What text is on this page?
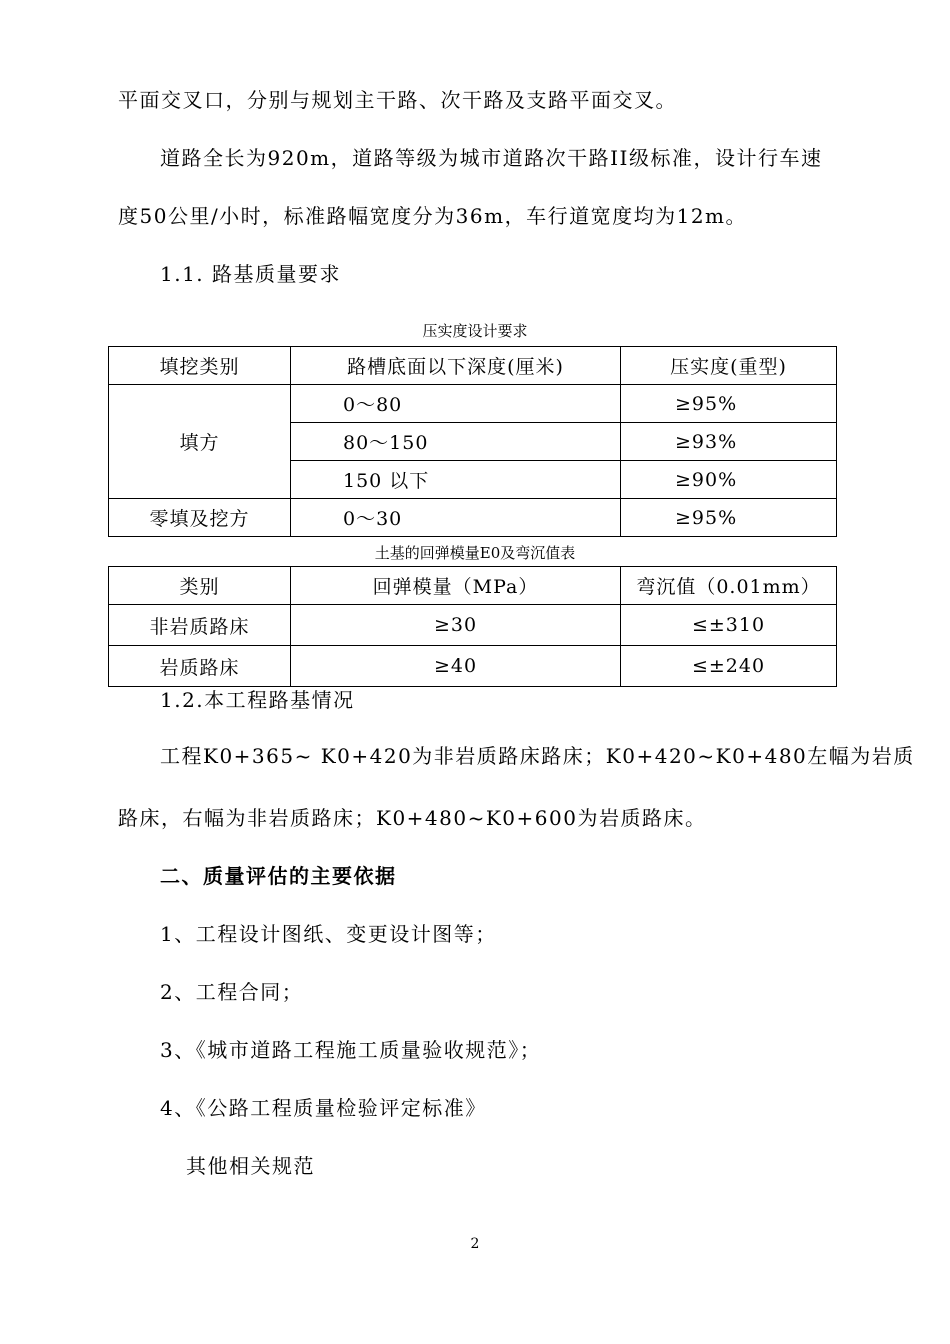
平面交叉口，分别与规划主干路、次干路及支路平面交叉。
道路全长为920m，道路等级为城市道路次干路II级标准，设计行车速
度50公里/小时，标准路幅宽度分为36m，车行道宽度均为12m。
1.1. 路基质量要求
压实度设计要求
填挖类别	路槽底面以下深度(厘米)	压实度(重型)
填方	0～80	≥95%
	80～150	≥93%
	150 以下	≥90%
零填及挖方	0～30	≥95%
土基的回弹模量E0及弯沉值表
类别	回弹模量（MPa）	弯沉值（0.01mm）
非岩质路床	≥30	≤±310
岩质路床	≥40	≤±240
1.2.本工程路基情况
工程K0+365~ K0+420为非岩质路床路床；K0+420~K0+480左幅为岩质
路床，右幅为非岩质路床；K0+480~K0+600为岩质路床。
二、质量评估的主要依据
1、工程设计图纸、变更设计图等；
2、工程合同；
3、《城市道路工程施工质量验收规范》；
4、《公路工程质量检验评定标准》
其他相关规范
2
